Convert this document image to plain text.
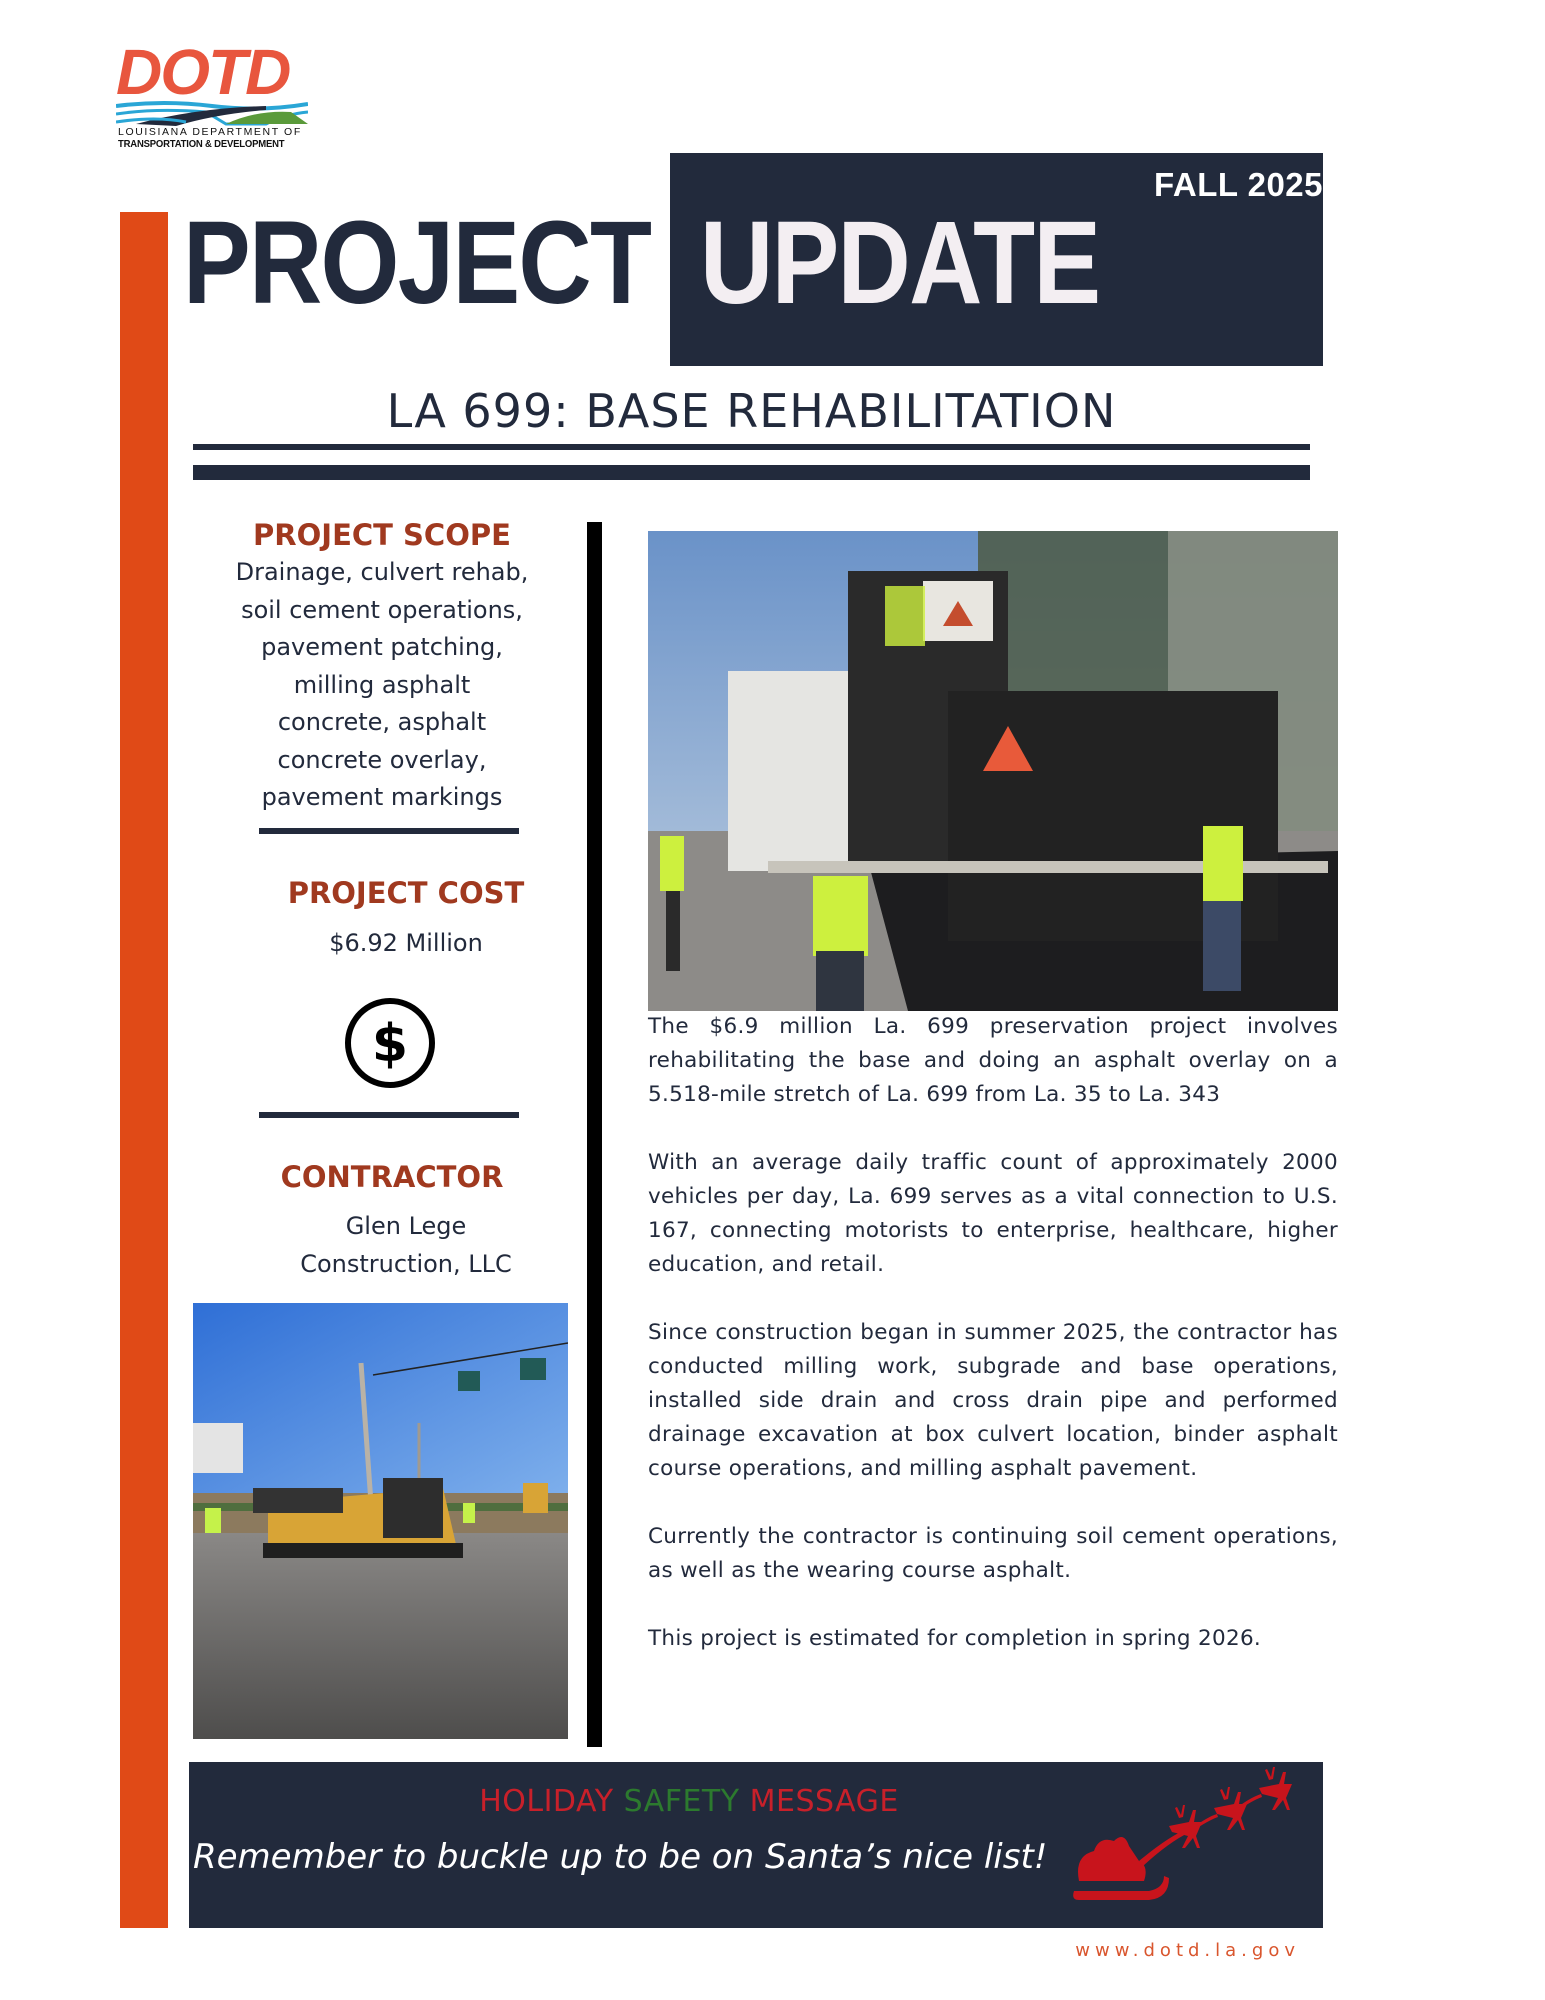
DOTD
LOUISIANA DEPARTMENT OF
TRANSPORTATION & DEVELOPMENT
FALL 2025
PROJECT UPDATE
LA 699: BASE REHABILITATION
PROJECT SCOPE
Drainage, culvert rehab,
soil cement operations,
pavement patching,
milling asphalt
concrete, asphalt
concrete overlay,
pavement markings
PROJECT COST
$6.92 Million
$
CONTRACTOR
Glen Lege
Construction, LLC

The $6.9 million La. 699 preservation project involves rehabilitating the base and doing an asphalt overlay on a 5.518-mile stretch of La. 699 from La. 35 to La. 343

With an average daily traffic count of approximately 2000 vehicles per day, La. 699 serves as a vital connection to U.S. 167, connecting motorists to enterprise, healthcare, higher education, and retail.

Since construction began in summer 2025, the contractor has conducted milling work, subgrade and base operations, installed side drain and cross drain pipe and performed drainage excavation at box culvert location, binder asphalt course operations, and milling asphalt pavement.

Currently the contractor is continuing soil cement operations, as well as the wearing course asphalt.

This project is estimated for completion in spring 2026.

HOLIDAY SAFETY MESSAGE
Remember to buckle up to be on Santa’s nice list!
www.dotd.la.gov
